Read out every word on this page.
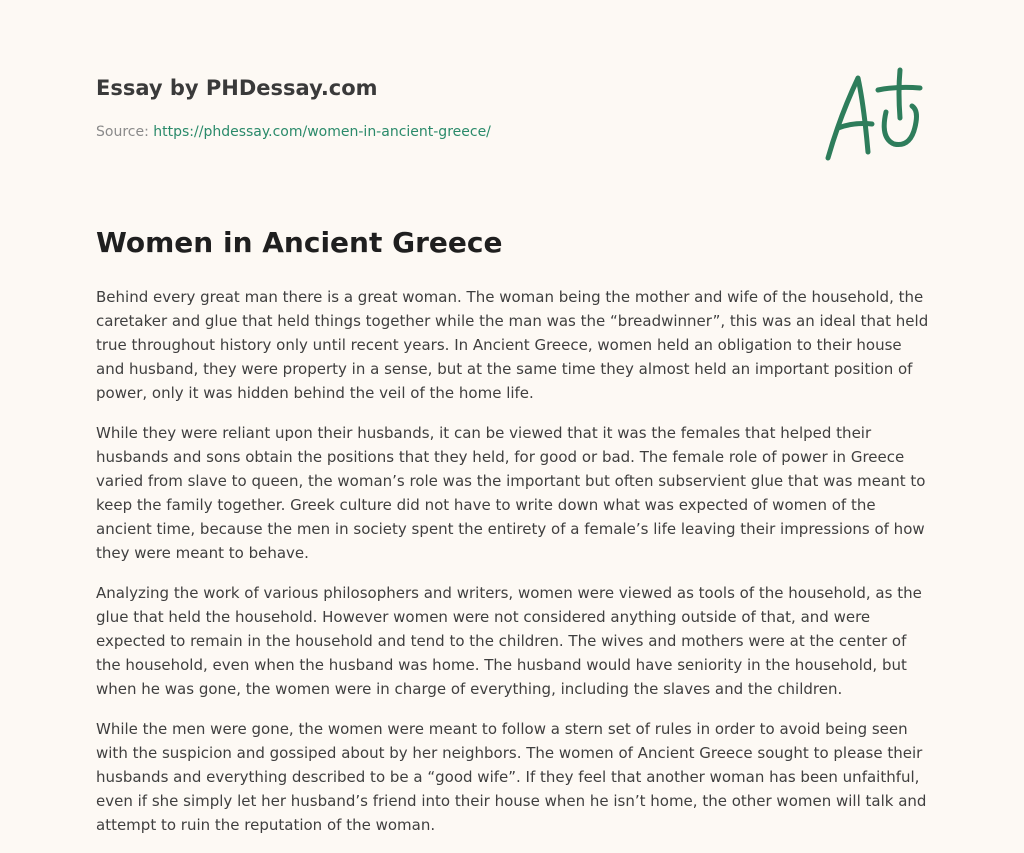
Essay by PHDessay.com
Source: https://phdessay.com/women-in-ancient-greece/
Women in Ancient Greece

Behind every great man there is a great woman. The woman being the mother and wife of the household, the caretaker and glue that held things together while the man was the “breadwinner”, this was an ideal that held true throughout history only until recent years. In Ancient Greece, women held an obligation to their house and husband, they were property in a sense, but at the same time they almost held an important position of power, only it was hidden behind the veil of the home life.

While they were reliant upon their husbands, it can be viewed that it was the females that helped their husbands and sons obtain the positions that they held, for good or bad. The female role of power in Greece varied from slave to queen, the woman’s role was the important but often subservient glue that was meant to keep the family together. Greek culture did not have to write down what was expected of women of the ancient time, because the men in society spent the entirety of a female’s life leaving their impressions of how they were meant to behave.

Analyzing the work of various philosophers and writers, women were viewed as tools of the household, as the glue that held the household. However women were not considered anything outside of that, and were expected to remain in the household and tend to the children. The wives and mothers were at the center of the household, even when the husband was home. The husband would have seniority in the household, but when he was gone, the women were in charge of everything, including the slaves and the children.

While the men were gone, the women were meant to follow a stern set of rules in order to avoid being seen with the suspicion and gossiped about by her neighbors. The women of Ancient Greece sought to please their husbands and everything described to be a “good wife”. If they feel that another woman has been unfaithful, even if she simply let her husband’s friend into their house when he isn’t home, the other women will talk and attempt to ruin the reputation of the woman.
